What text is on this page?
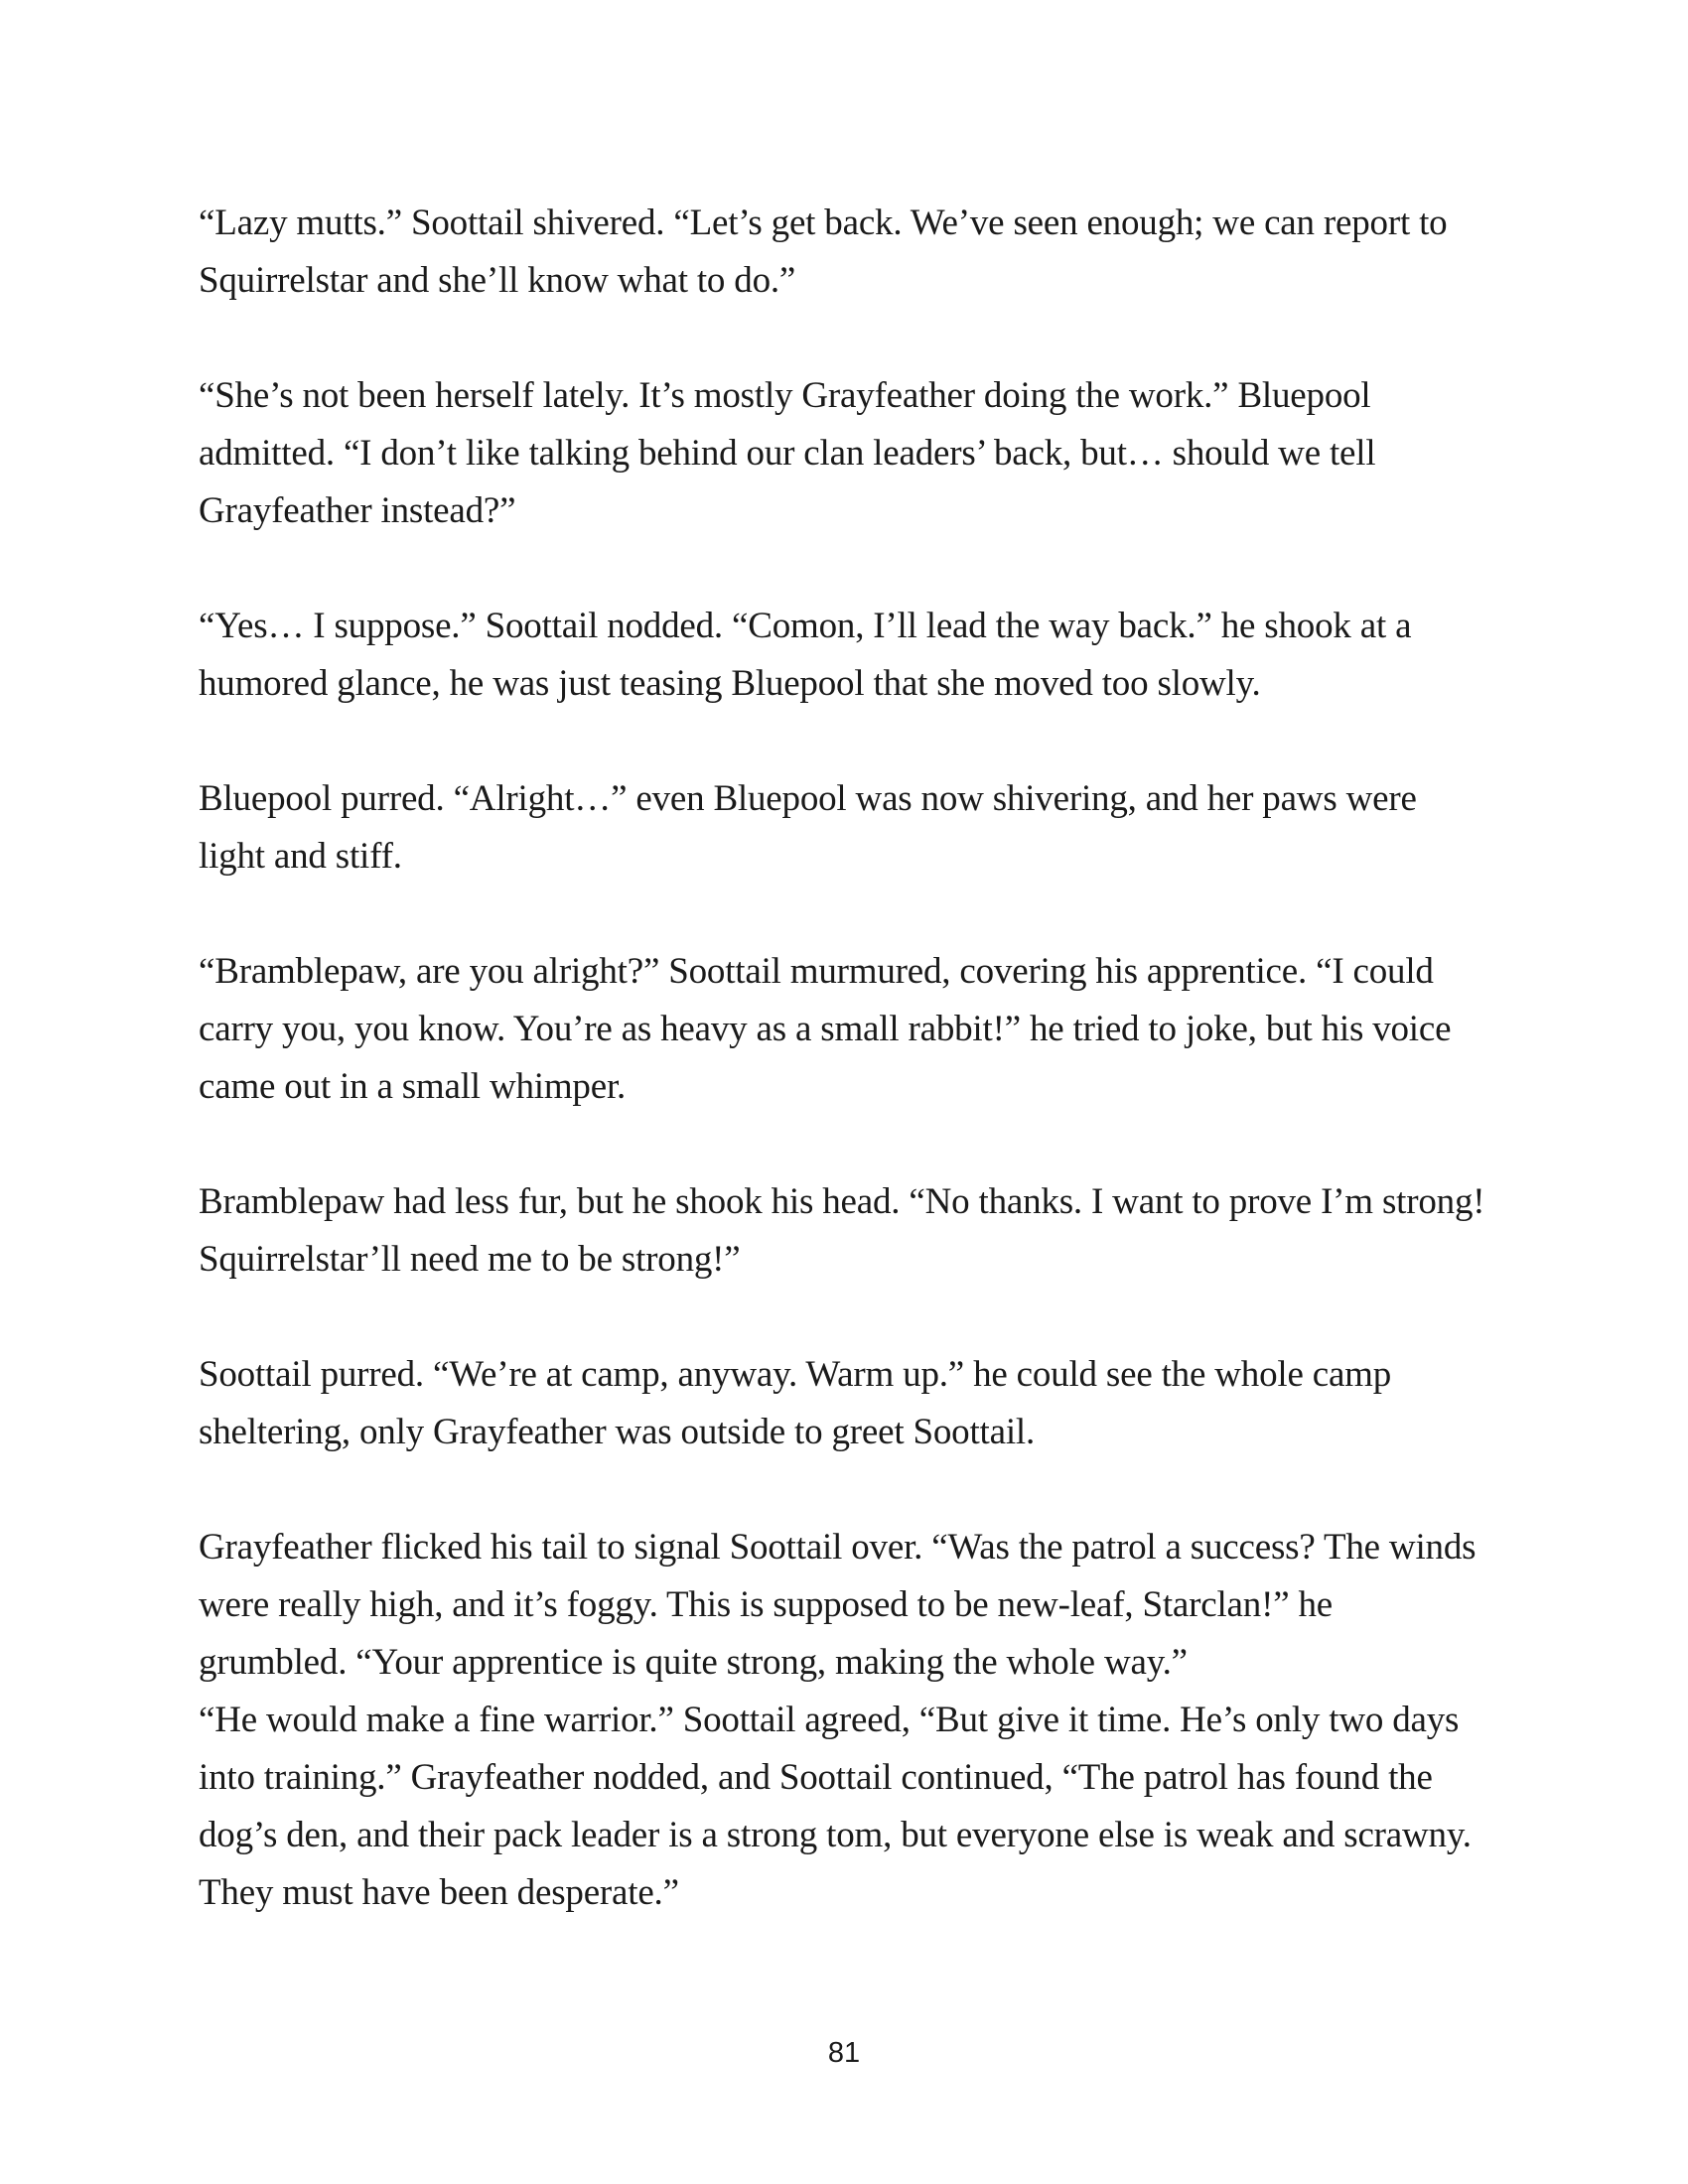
“Lazy mutts.” Soottail shivered. “Let’s get back. We’ve seen enough; we can report to Squirrelstar and she’ll know what to do.”

“She’s not been herself lately. It’s mostly Grayfeather doing the work.” Bluepool admitted. “I don’t like talking behind our clan leaders’ back, but… should we tell Grayfeather instead?”

“Yes… I suppose.” Soottail nodded. “Comon, I’ll lead the way back.” he shook at a humored glance, he was just teasing Bluepool that she moved too slowly.

Bluepool purred. “Alright…” even Bluepool was now shivering, and her paws were light and stiff.

“Bramblepaw, are you alright?” Soottail murmured, covering his apprentice. “I could carry you, you know. You’re as heavy as a small rabbit!” he tried to joke, but his voice came out in a small whimper.

Bramblepaw had less fur, but he shook his head. “No thanks. I want to prove I’m strong! Squirrelstar’ll need me to be strong!”

Soottail purred. “We’re at camp, anyway. Warm up.” he could see the whole camp sheltering, only Grayfeather was outside to greet Soottail.

Grayfeather flicked his tail to signal Soottail over. “Was the patrol a success? The winds were really high, and it’s foggy. This is supposed to be new-leaf, Starclan!” he grumbled. “Your apprentice is quite strong, making the whole way.”

“He would make a fine warrior.” Soottail agreed, “But give it time. He’s only two days into training.” Grayfeather nodded, and Soottail continued, “The patrol has found the dog’s den, and their pack leader is a strong tom, but everyone else is weak and scrawny. They must have been desperate.”

81
